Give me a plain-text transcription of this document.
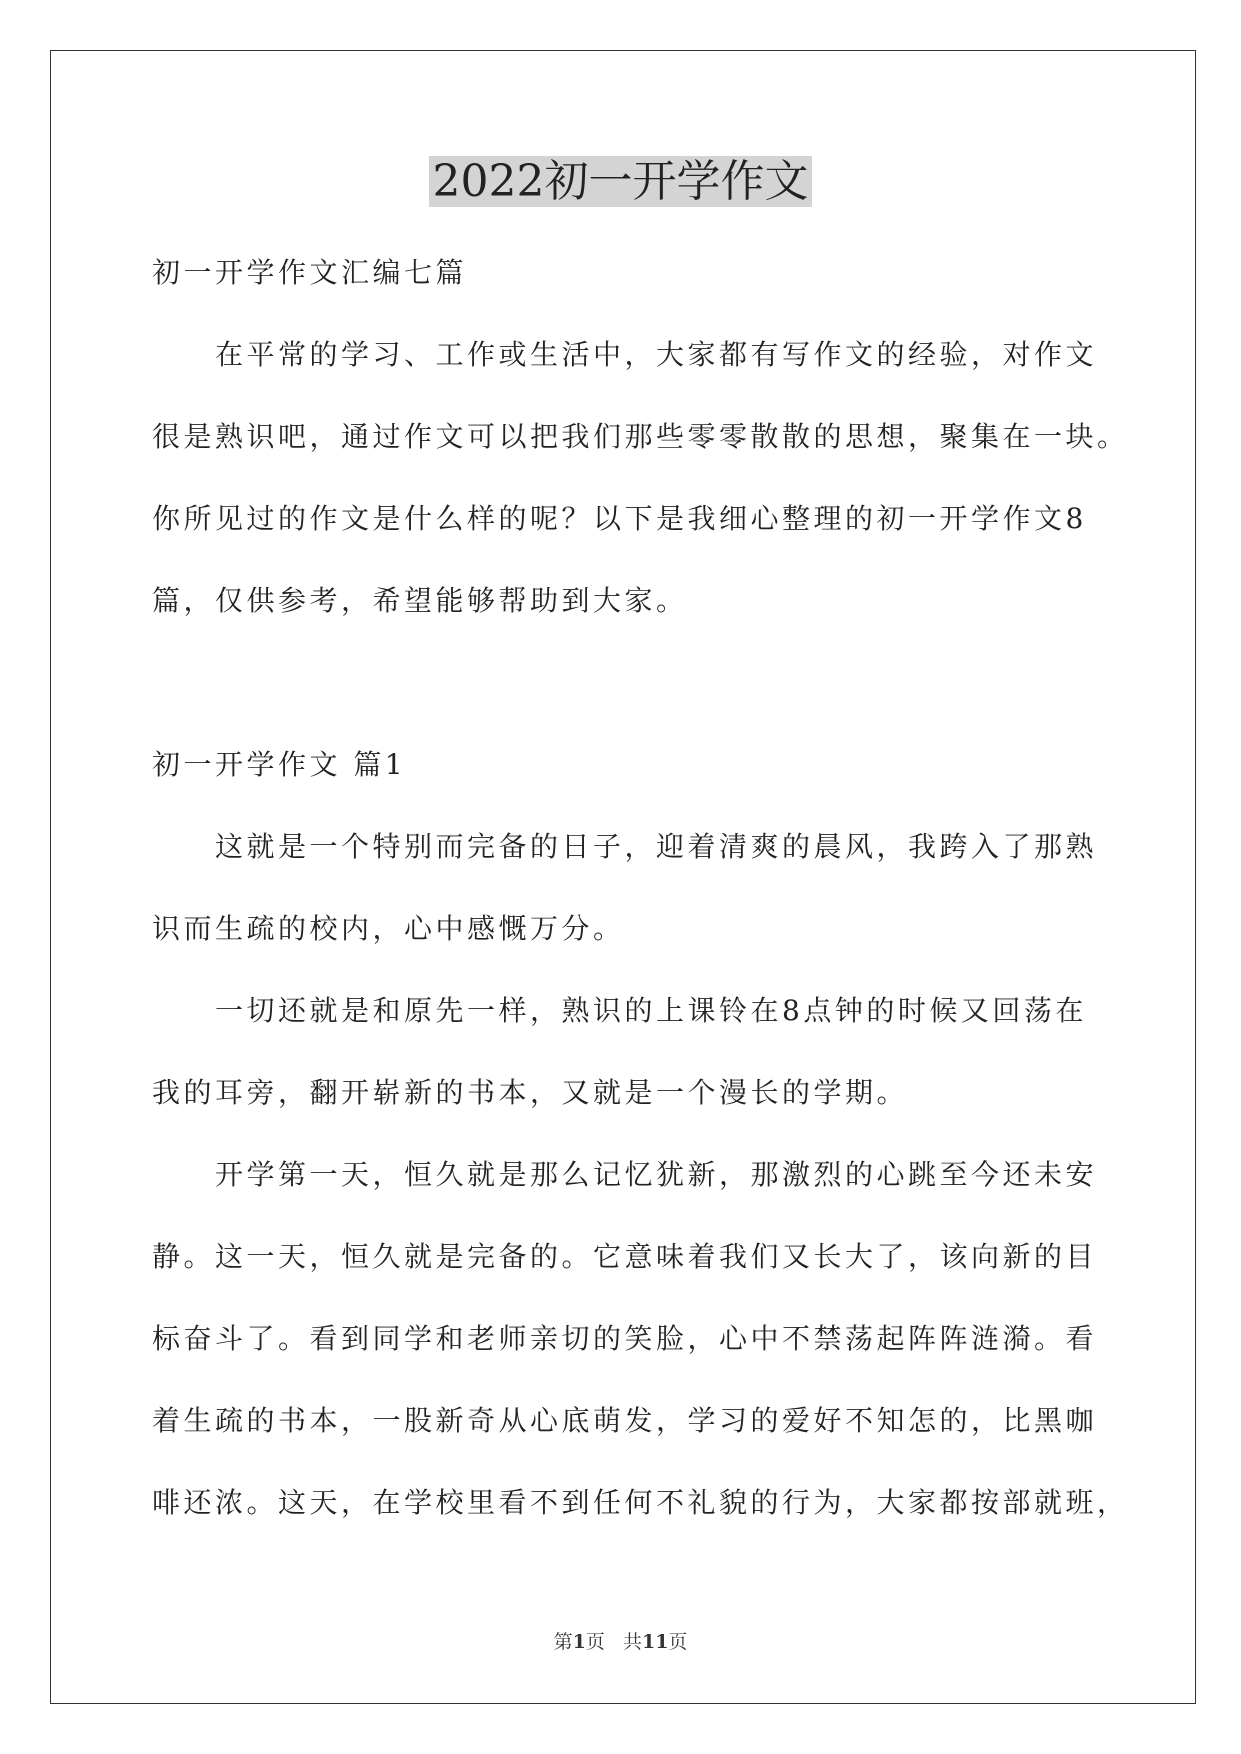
2022初一开学作文
初一开学作文汇编七篇
在平常的学习、工作或生活中，大家都有写作文的经验，对作文
很是熟识吧，通过作文可以把我们那些零零散散的思想，聚集在一块。
你所见过的作文是什么样的呢？以下是我细心整理的初一开学作文8
篇，仅供参考，希望能够帮助到大家。
初一开学作文 篇1
这就是一个特别而完备的日子，迎着清爽的晨风，我跨入了那熟
识而生疏的校内，心中感慨万分。
一切还就是和原先一样，熟识的上课铃在8点钟的时候又回荡在
我的耳旁，翻开崭新的书本，又就是一个漫长的学期。
开学第一天，恒久就是那么记忆犹新，那激烈的心跳至今还未安
静。这一天，恒久就是完备的。它意味着我们又长大了，该向新的目
标奋斗了。看到同学和老师亲切的笑脸，心中不禁荡起阵阵涟漪。看
着生疏的书本，一股新奇从心底萌发，学习的爱好不知怎的，比黑咖
啡还浓。这天，在学校里看不到任何不礼貌的行为，大家都按部就班，
第1页 共11页
